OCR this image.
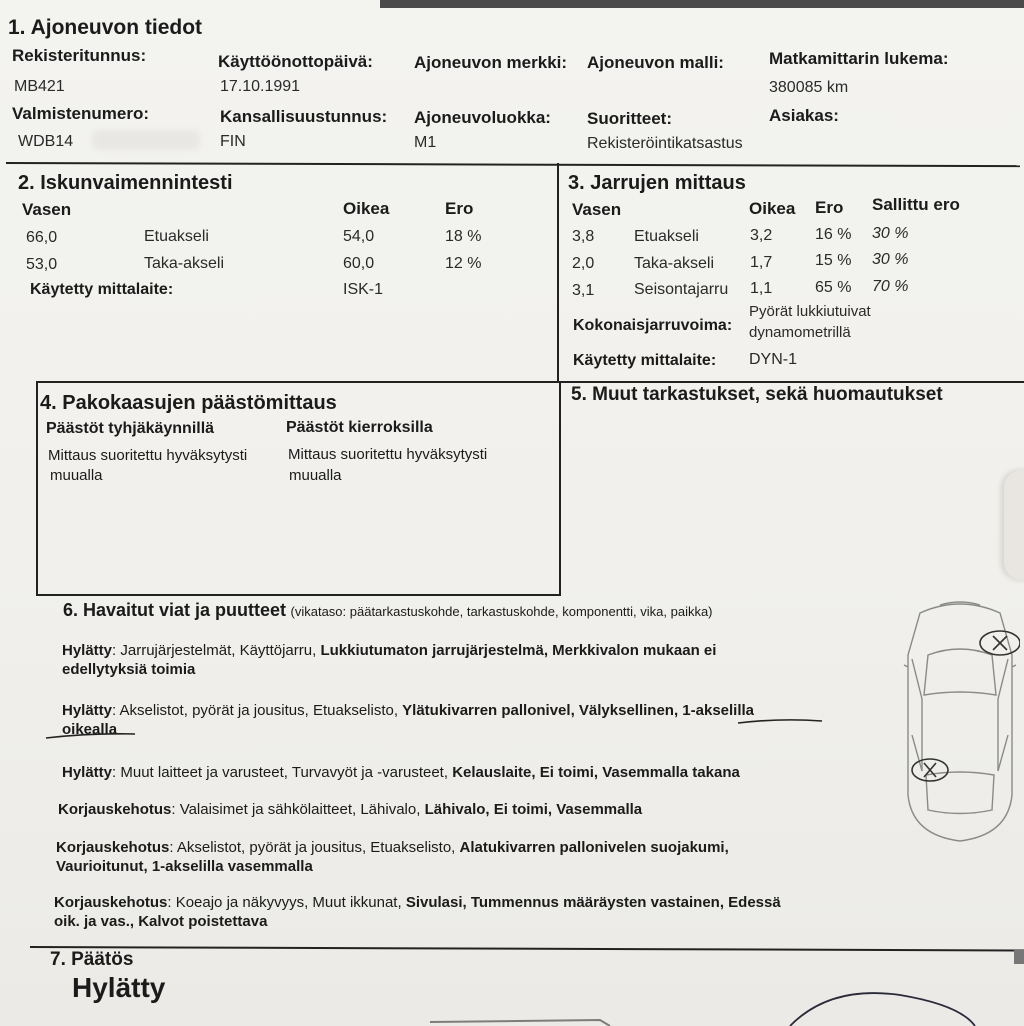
1. Ajoneuvon tiedot
Rekisteritunnus:
MB421
Käyttöönottopäivä:
17.10.1991
Ajoneuvon merkki: Ajoneuvon malli:	Matkamittarin lukema:
380085 km
Valmistenumero:
WDB14
Kansallisuustunnus:
FIN
Ajoneuvoluokka:
M1
Suoritteet:
Rekisteröintikatsastus
Asiakas:
2. Iskunvaimennintesti
Vasen	Oikea	Ero
66,0	Etuakseli	54,0	18 %
53,0	Taka-akseli	60,0	12 %
Käytetty mittalaite:	ISK-1
3. Jarrujen mittaus
Vasen	Oikea Ero Sallittu ero
3,8 Etuakseli	3,2	16 % 30 %
2,0 Taka-akseli 1,7	15 % 30 %
3,1 Seisontajarru 1,1	65 % 70 %
Kokonaisjarruvoima:
Pyörät lukkiutuivat
dynamometrillä
Käytetty mittalaite: DYN-1
4. Pakokaasujen päästömittaus
Päästöt tyhjäkäynnillä
Mittaus suoritettu hyväksytysti
muualla
Päästöt kierroksilla
Mittaus suoritettu hyväksytysti
muualla
5. Muut tarkastukset, sekä huomautukset
6. Havaitut viat ja puutteet (vikataso: päätarkastuskohde, tarkastuskohde, komponentti, vika, paikka)
Hylätty: Jarrujärjestelmät, Käyttöjarru, Lukkiutumaton jarrujärjestelmä, Merkkivalon mukaan ei
edellytyksiä toimia
Hylätty: Akselistot, pyörät ja jousitus, Etuakselisto, Ylätukivarren pallonivel, Välyksellinen, 1-akselilla
oikealla
Hylätty: Muut laitteet ja varusteet, Turvavyöt ja -varusteet, Kelauslaite, Ei toimi, Vasemmalla takana
Korjauskehotus: Valaisimet ja sähkölaitteet, Lähivalo, Lähivalo, Ei toimi, Vasemmalla
Korjauskehotus: Akselistot, pyörät ja jousitus, Etuakselisto, Alatukivarren pallonivelen suojakumi,
Vaurioitunut, 1-akselilla vasemmalla
Korjauskehotus: Koeajo ja näkyvyys, Muut ikkunat, Sivulasi, Tummennus määräysten vastainen, Edessä
oik. ja vas., Kalvot poistettava
7. Päätös
Hylätty
